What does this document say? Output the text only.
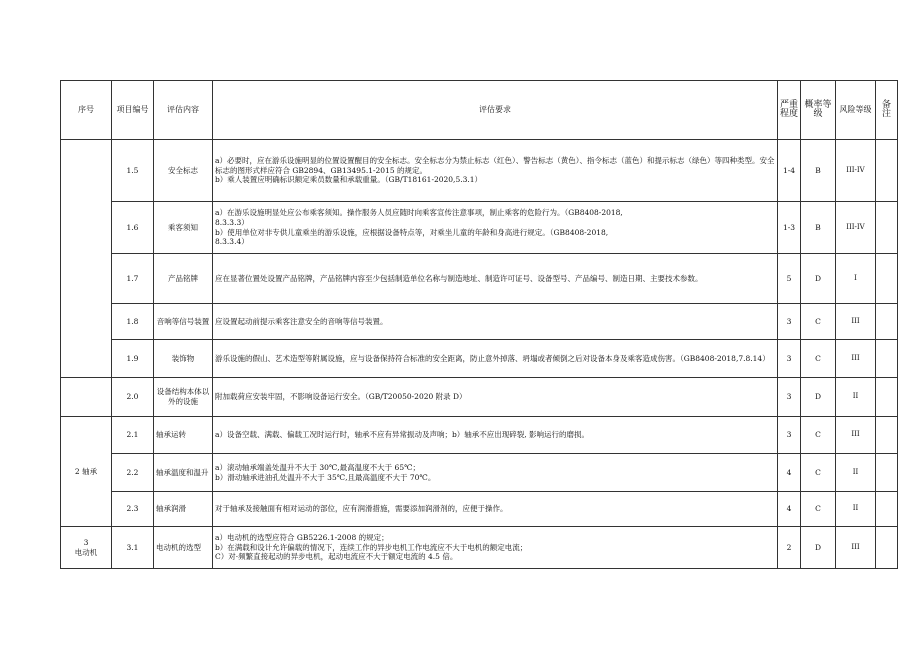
序号	项目编号	评估内容	评估要求	严重程度	概率等级	风险等级	备注
	1.5	安全标志	a）必要时，应在游乐设施明显的位置设置醒目的安全标志。安全标志分为禁止标志（红色）、警告标志（黄色）、指令标志（蓝色）和提示标志（绿色）等四种类型。安全标志的图形式样应符合 GB2894、GB13495.1-2015 的规定。
b）乘人装置应明确标识额定乘员数量和承载重量。（GB/T18161-2020,5.3.1）	1-4	B	III-IV	
	1.6	乘客须知	a）在游乐设施明显处应公布乘客须知。操作服务人员应随时向乘客宣传注意事项，制止乘客的危险行为。（GB8408-2018,
8.3.3.3）
b）使用单位对非专供儿童乘坐的游乐设施，应根据设备特点等，对乘坐儿童的年龄和身高进行规定。（GB8408-2018,
8.3.3.4）	1-3	B	III-IV	
	1.7	产品铭牌	应在显著位置处设置产品铭牌，产品铭牌内容至少包括制造单位名称与制造地址、制造许可证号、设备型号、产品编号、制造日期、主要技术参数。	5	D	I	
	1.8	音响等信号装置	应设置起动前提示乘客注意安全的音响等信号装置。	3	C	III	
	1.9	装饰物	游乐设施的假山、艺术造型等附属设施，应与设备保持符合标准的安全距离，防止意外掉落、坍塌或者倾倒之后对设备本身及乘客造成伤害。（GB8408-2018,7.8.14）	3	C	III	
	2.0	设备结构本体以外的设施	附加载荷应安装牢固，不影响设备运行安全。（GB/T20050-2020 附录 D）	3	D	II	
2 轴承	2.1	轴承运转	a）设备空载、满载、偏载工况时运行时，轴承不应有异常振动及声响；b）轴承不应出现碎裂, 影响运行的磨损。	3	C	III	
	2.2	轴承温度和温升	a）滚动轴承端盖处温升不大于 30℃,最高温度不大于 65℃；
b）滑动轴承进油孔处温升不大于 35℃,且最高温度不大于 70℃。	4	C	II	
	2.3	轴承润滑	对于轴承及接触面有相对运动的部位，应有润滑措施，需要添加润滑剂的，应便于操作。	4	C	II	

3
电动机	3.1	电动机的选型	a）电动机的选型应符合 GB5226.1-2008 的规定；
b）在满载和设计允许偏载的情况下，连续工作的异步电机工作电流应不大于电机的额定电流；
C）对·频繁直接起动的异步电机，起动电流应不大于额定电流的 4.5 倍。	2	D	III	
